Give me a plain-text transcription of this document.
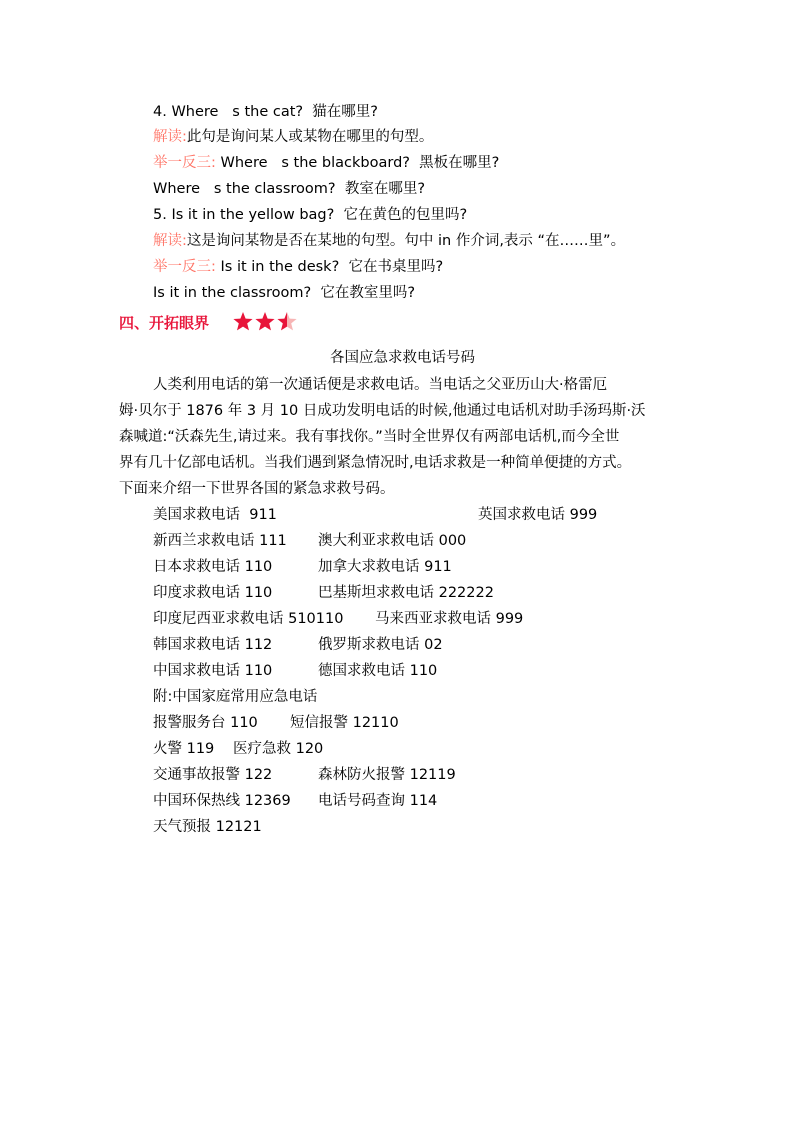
4. Where   s the cat?  猫在哪里?
解读:此句是询问某人或某物在哪里的句型。
举一反三: Where   s the blackboard?  黑板在哪里?
Where   s the classroom?  教室在哪里?
5. Is it in the yellow bag?  它在黄色的包里吗?
解读:这是询问某物是否在某地的句型。句中 in 作介词,表示 “在……里”。
举一反三: Is it in the desk?  它在书桌里吗?
Is it in the classroom?  它在教室里吗?
四、开拓眼界
各国应急求救电话号码
人类利用电话的第一次通话便是求救电话。当电话之父亚历山大·格雷厄
姆·贝尔于 1876 年 3 月 10 日成功发明电话的时候,他通过电话机对助手汤玛斯·沃
森喊道:“沃森先生,请过来。我有事找你。”当时全世界仅有两部电话机,而今全世
界有几十亿部电话机。当我们遇到紧急情况时,电话求救是一种简单便捷的方式。
下面来介绍一下世界各国的紧急求救号码。
美国求救电话  911	英国求救电话 999
新西兰求救电话 111 澳大利亚求救电话 000
日本求救电话 110	加拿大求救电话 911
印度求救电话 110	巴基斯坦求救电话 222222
印度尼西亚求救电话 510110 马来西亚求救电话 999
韩国求救电话 112	俄罗斯求救电话 02
中国求救电话 110	德国求救电话 110
附:中国家庭常用应急电话
报警服务台 110 短信报警 12110
火警 119 医疗急救 120
交通事故报警 122	森林防火报警 12119
中国环保热线 12369 电话号码查询 114
天气预报 12121
